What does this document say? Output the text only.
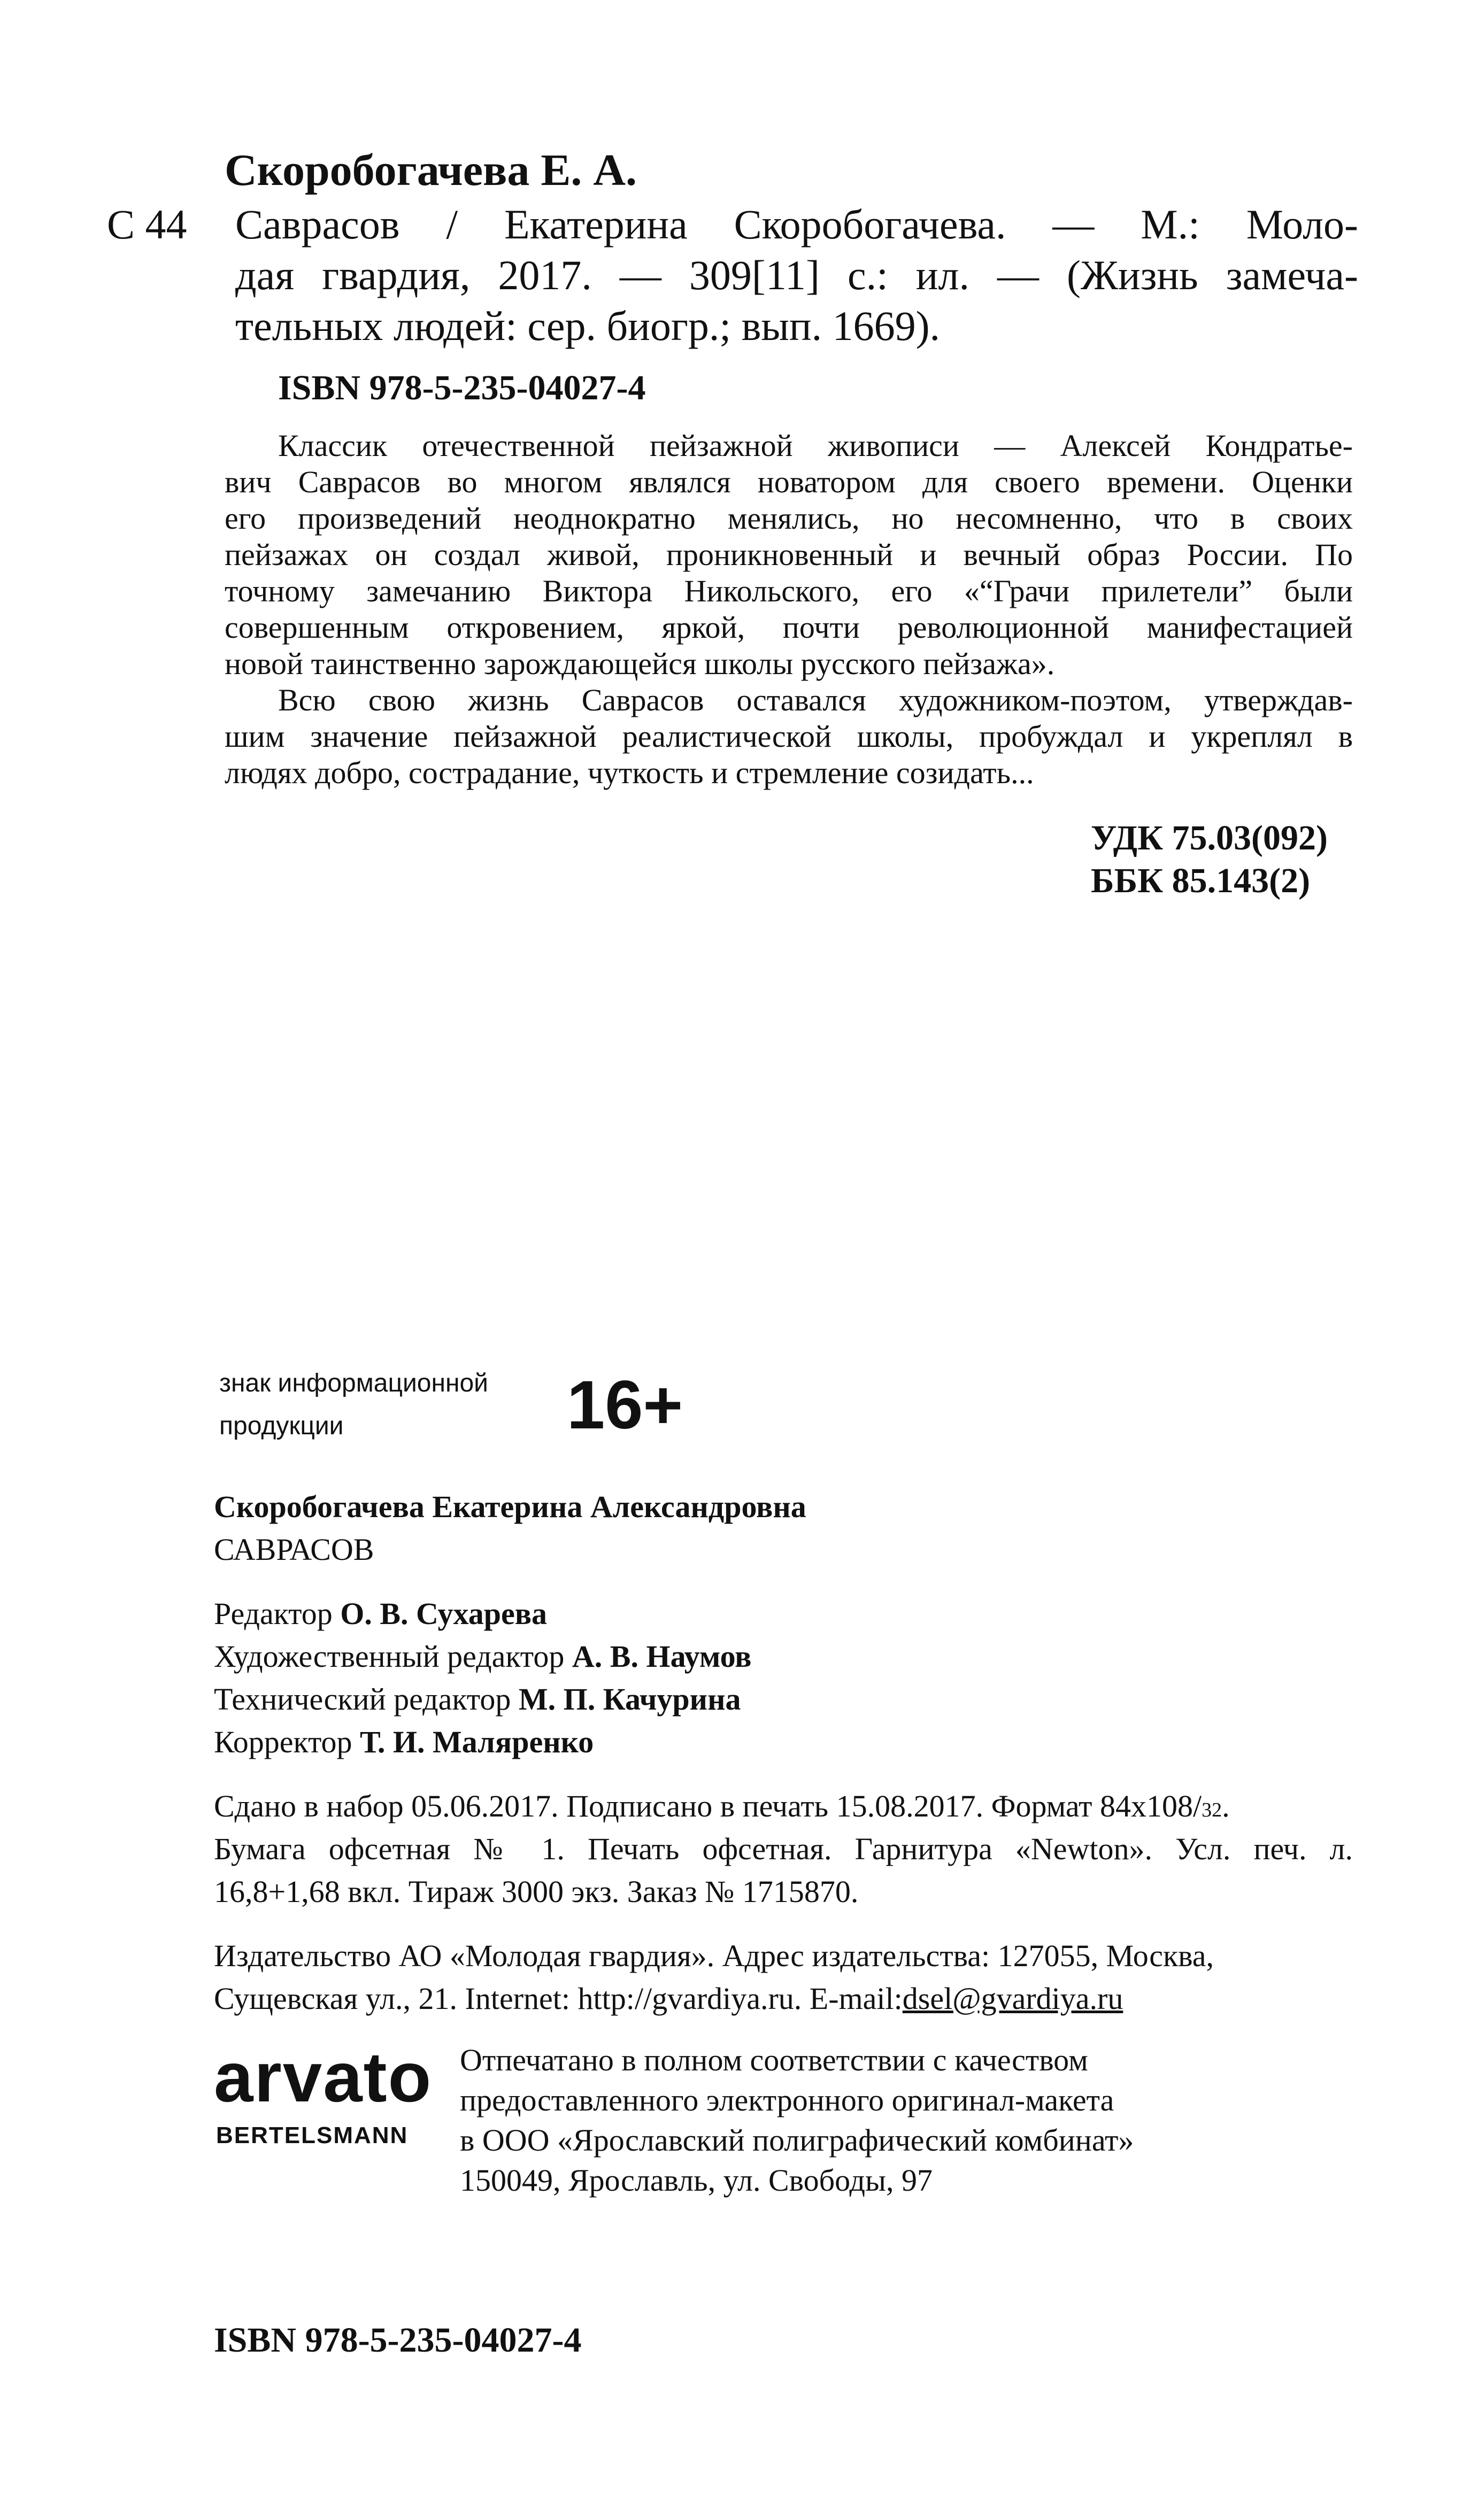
Скоробогачева Е. А.
С 44 Саврасов / Екатерина Скоробогачева. — М.: Моло-
дая гвардия, 2017. — 309[11] с.: ил. — (Жизнь замеча-
тельных людей: сер. биогр.; вып. 1669).
ISBN 978-5-235-04027-4
Классик отечественной пейзажной живописи — Алексей Кондратье-
вич Саврасов во многом являлся новатором для своего времени. Оценки
его произведений неоднократно менялись, но несомненно, что в своих
пейзажах он создал живой, проникновенный и вечный образ России. По
точному замечанию Виктора Никольского, его «“Грачи прилетели” были
совершенным откровением, яркой, почти революционной манифестацией
новой таинственно зарождающейся школы русского пейзажа».
Всю свою жизнь Саврасов оставался художником-поэтом, утверждав-
шим значение пейзажной реалистической школы, пробуждал и укреплял в
людях добро, сострадание, чуткость и стремление созидать...
УДК 75.03(092)
ББК 85.143(2)
знак информационной
продукции	16+
Скоробогачева Екатерина Александровна
САВРАСОВ
Редактор О. В. Сухарева
Художественный редактор А. В. Наумов
Технический редактор М. П. Качурина
Корректор Т. И. Маляренко
Сдано в набор 05.06.2017. Подписано в печать 15.08.2017. Формат 84х108/32.
Бумага офсетная № 1. Печать офсетная. Гарнитура «Newton». Усл. печ. л.
16,8+1,68 вкл. Тираж 3000 экз. Заказ № 1715870.
Издательство АО «Молодая гвардия». Адрес издательства: 127055, Москва,
Сущевская ул., 21. Internet: http://gvardiya.ru. E-mail:dsel@gvardiya.ru
arvato
BERTELSMANN
Отпечатано в полном соответствии с качеством
предоставленного электронного оригинал-макета
в ООО «Ярославский полиграфический комбинат»
150049, Ярославль, ул. Свободы, 97
ISBN 978-5-235-04027-4
